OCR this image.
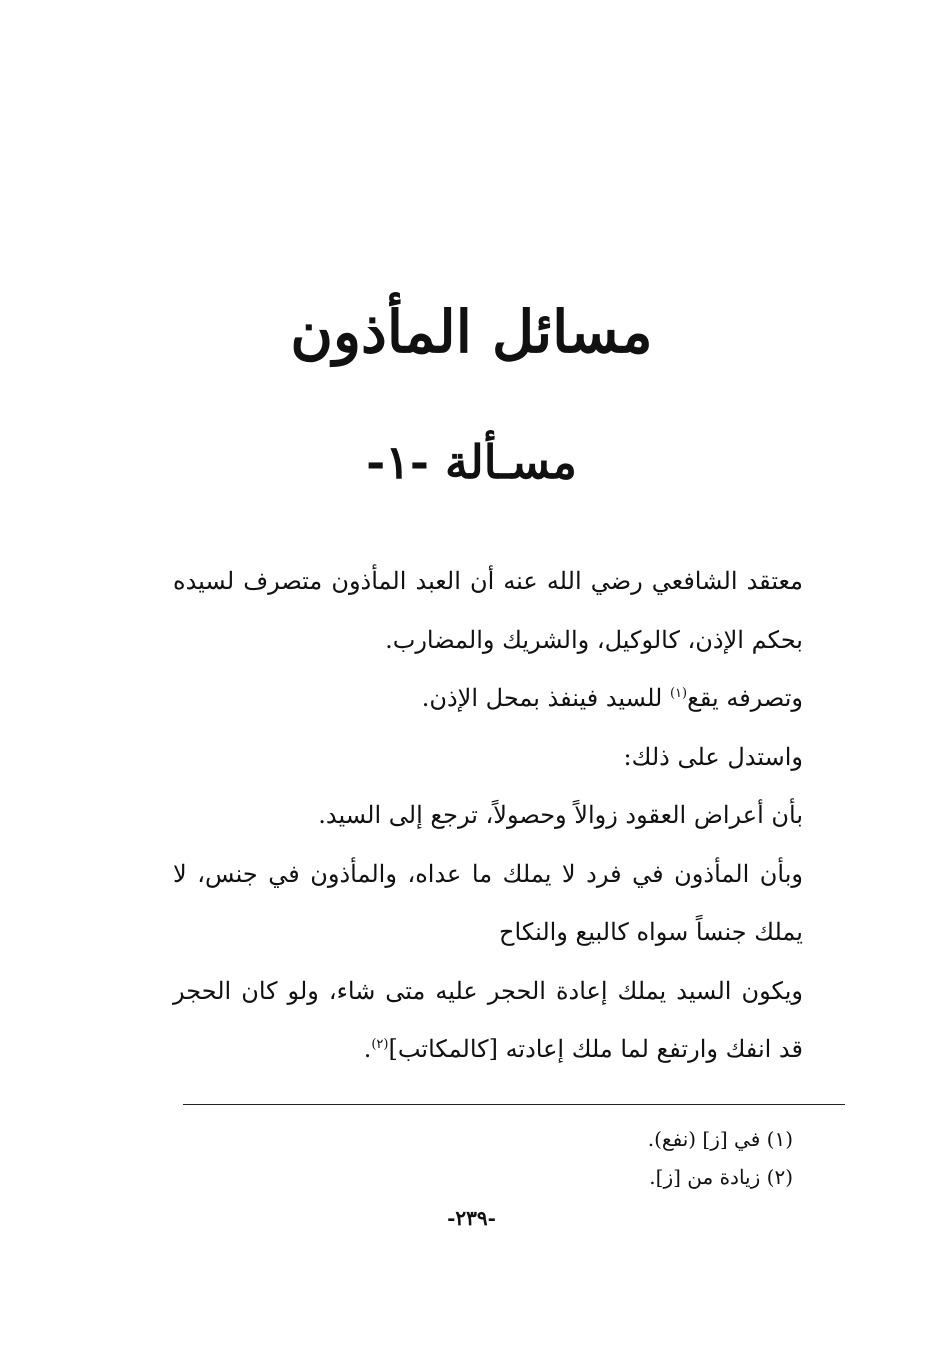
مسائل المأذون
مسـألة -١-

معتقد الشافعي رضي الله عنه أن العبد المأذون متصرف لسيده بحكم الإذن، كالوكيل، والشريك والمضارب.

وتصرفه يقع$^{(١)}$ للسيد فينفذ بمحل الإذن.

واستدل على ذلك:

بأن أعراض العقود زوالاً وحصولاً، ترجع إلى السيد.

وبأن المأذون في فرد لا يملك ما عداه، والمأذون في جنس، لا يملك جنساً سواه كالبيع والنكاح

ويكون السيد يملك إعادة الحجر عليه متى شاء، ولو كان الحجر قد انفك وارتفع لما ملك إعادته [كالمكاتب]$^{(٢)}$.

(١) في [ز] (نفع).

(٢) زيادة من [ز].

-٢٣٩-
